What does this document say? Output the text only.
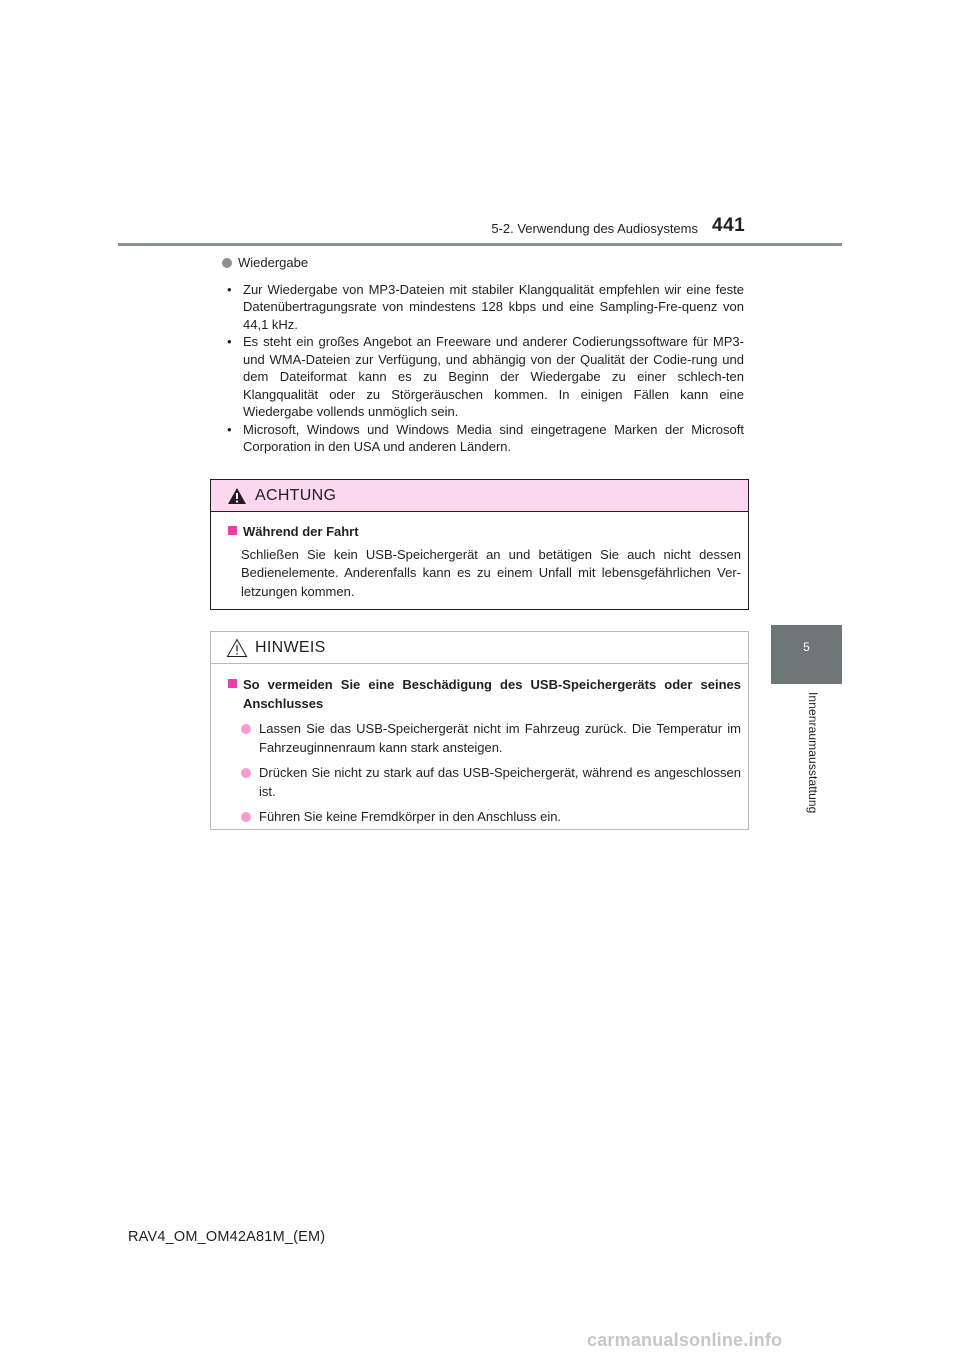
5-2. Verwendung des Audiosystems 441
5
Innenraumausstattung
Wiedergabe
• Zur Wiedergabe von MP3-Dateien mit stabiler Klangqualität empfehlen wir eine feste Datenübertragungsrate von mindestens 128 kbps und eine Sampling-Fre-quenz von 44,1 kHz.
• Es steht ein großes Angebot an Freeware und anderer Codierungssoftware für MP3- und WMA-Dateien zur Verfügung, und abhängig von der Qualität der Codie-rung und dem Dateiformat kann es zu Beginn der Wiedergabe zu einer schlech-ten Klangqualität oder zu Störgeräuschen kommen. In einigen Fällen kann eine Wiedergabe vollends unmöglich sein.
• Microsoft, Windows und Windows Media sind eingetragene Marken der Microsoft Corporation in den USA und anderen Ländern.
ACHTUNG
Während der Fahrt
Schließen Sie kein USB-Speichergerät an und betätigen Sie auch nicht dessen Bedienelemente. Anderenfalls kann es zu einem Unfall mit lebensgefährlichen Ver-letzungen kommen.
HINWEIS
So vermeiden Sie eine Beschädigung des USB-Speichergeräts oder seines Anschlusses
Lassen Sie das USB-Speichergerät nicht im Fahrzeug zurück. Die Temperatur im Fahrzeuginnenraum kann stark ansteigen.
Drücken Sie nicht zu stark auf das USB-Speichergerät, während es angeschlossen ist.
Führen Sie keine Fremdkörper in den Anschluss ein.
RAV4_OM_OM42A81M_(EM)
carmanualsonline.info
